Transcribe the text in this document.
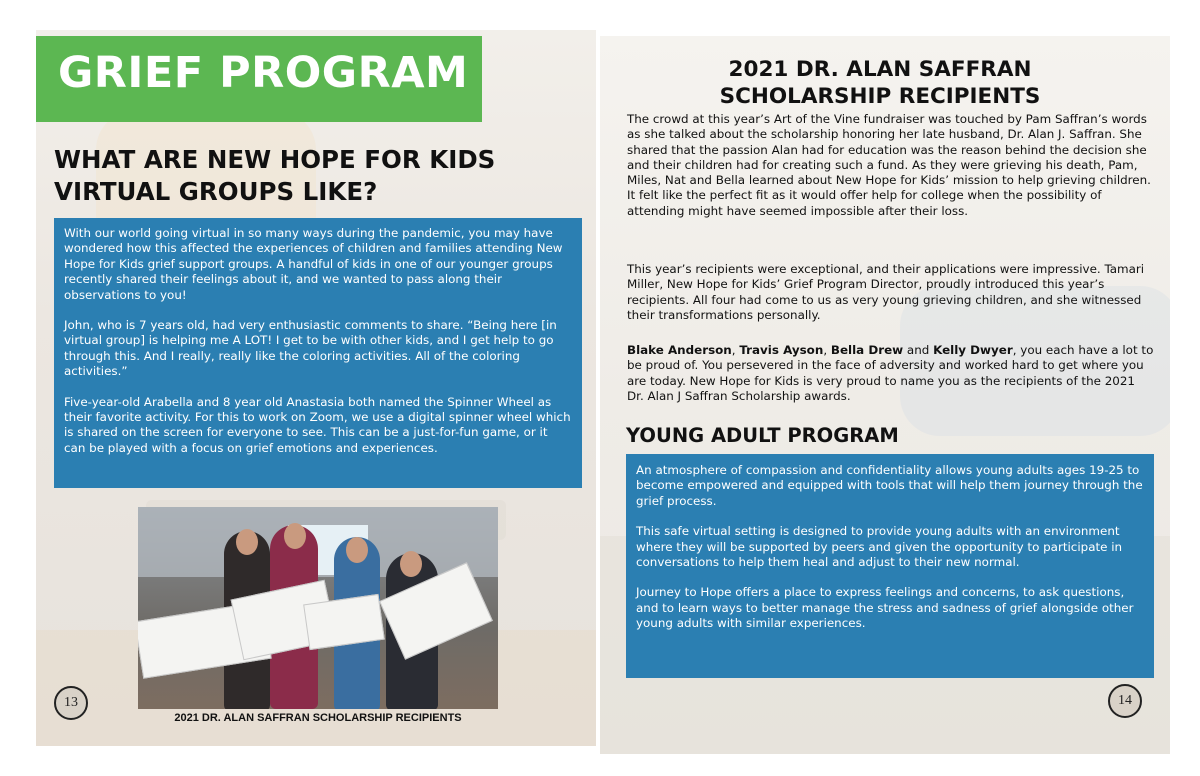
GRIEF PROGRAM
WHAT ARE NEW HOPE FOR KIDS VIRTUAL GROUPS LIKE?

With our world going virtual in so many ways during the pandemic, you may have wondered how this affected the experiences of children and families attending New Hope for Kids grief support groups. A handful of kids in one of our younger groups recently shared their feelings about it, and we wanted to pass along their observations to you!

John, who is 7 years old, had very enthusiastic comments to share. “Being here [in virtual group] is helping me A LOT! I get to be with other kids, and I get help to go through this. And I really, really like the coloring activities. All of the coloring activities.”

Five-year-old Arabella and 8 year old Anastasia both named the Spinner Wheel as their favorite activity. For this to work on Zoom, we use a digital spinner wheel which is shared on the screen for everyone to see. This can be a just-for-fun game, or it can be played with a focus on grief emotions and experiences.

2021 DR. ALAN SAFFRAN SCHOLARSHIP RECIPIENTS
13
2021 DR. ALAN SAFFRAN SCHOLARSHIP RECIPIENTS

The crowd at this year’s Art of the Vine fundraiser was touched by Pam Saffran’s words as she talked about the scholarship honoring her late husband, Dr. Alan J. Saffran. She shared that the passion Alan had for education was the reason behind the decision she and their children had for creating such a fund. As they were grieving his death, Pam, Miles, Nat and Bella learned about New Hope for Kids’ mission to help grieving children. It felt like the perfect fit as it would offer help for college when the possibility of attending might have seemed impossible after their loss.

This year’s recipients were exceptional, and their applications were impressive. Tamari Miller, New Hope for Kids’ Grief Program Director, proudly introduced this year’s recipients. All four had come to us as very young grieving children, and she witnessed their transformations personally.

Blake Anderson, Travis Ayson, Bella Drew and Kelly Dwyer, you each have a lot to be proud of. You persevered in the face of adversity and worked hard to get where you are today. New Hope for Kids is very proud to name you as the recipients of the 2021 Dr. Alan J Saffran Scholarship awards.

YOUNG ADULT PROGRAM

An atmosphere of compassion and confidentiality allows young adults ages 19-25 to become empowered and equipped with tools that will help them journey through the grief process.

This safe virtual setting is designed to provide young adults with an environment where they will be supported by peers and given the opportunity to participate in conversations to help them heal and adjust to their new normal.

Journey to Hope offers a place to express feelings and concerns, to ask questions, and to learn ways to better manage the stress and sadness of grief alongside other young adults with similar experiences.

14
